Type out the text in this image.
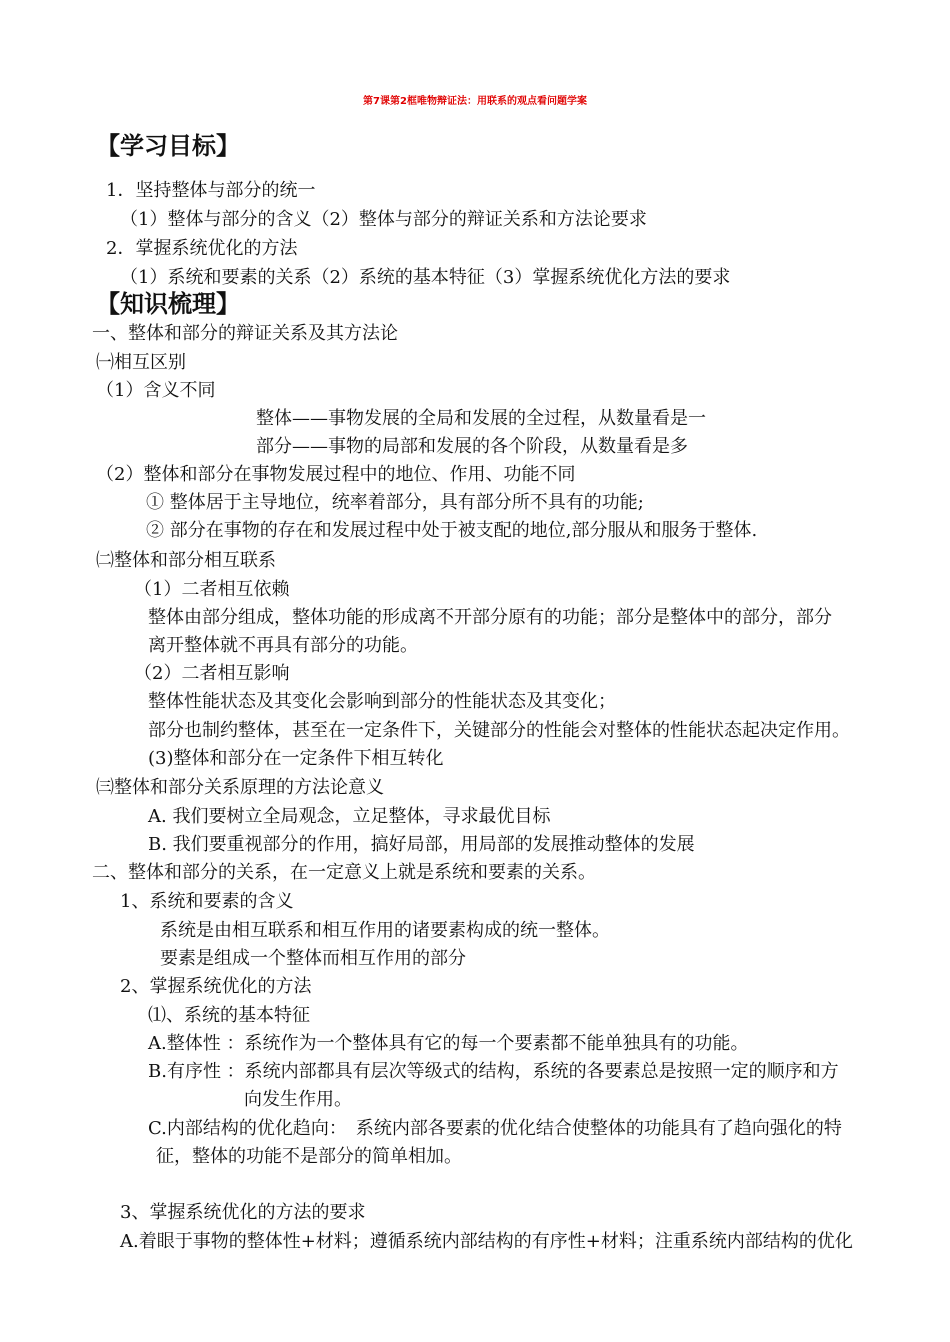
第7课第2框唯物辩证法：用联系的观点看问题学案
【学习目标】
1．坚持整体与部分的统一
（1）整体与部分的含义（2）整体与部分的辩证关系和方法论要求
2．掌握系统优化的方法
（1）系统和要素的关系（2）系统的基本特征（3）掌握系统优化方法的要求
【知识梳理】
一、整体和部分的辩证关系及其方法论
㈠相互区别
（1）含义不同
整体——事物发展的全局和发展的全过程，从数量看是一
部分——事物的局部和发展的各个阶段，从数量看是多
（2）整体和部分在事物发展过程中的地位、作用、功能不同
① 整体居于主导地位，统率着部分，具有部分所不具有的功能;
② 部分在事物的存在和发展过程中处于被支配的地位,部分服从和服务于整体.
㈡整体和部分相互联系
（1）二者相互依赖
整体由部分组成，整体功能的形成离不开部分原有的功能；部分是整体中的部分，部分
离开整体就不再具有部分的功能。
（2）二者相互影响
整体性能状态及其变化会影响到部分的性能状态及其变化；
部分也制约整体，甚至在一定条件下，关键部分的性能会对整体的性能状态起决定作用。
(3)整体和部分在一定条件下相互转化
㈢整体和部分关系原理的方法论意义
A. 我们要树立全局观念，立足整体，寻求最优目标
B. 我们要重视部分的作用，搞好局部，用局部的发展推动整体的发展
二、整体和部分的关系，在一定意义上就是系统和要素的关系。
1、系统和要素的含义
系统是由相互联系和相互作用的诸要素构成的统一整体。
要素是组成一个整体而相互作用的部分
2、掌握系统优化的方法
⑴、系统的基本特征
A.整体性 ：系统作为一个整体具有它的每一个要素都不能单独具有的功能。
B.有序性 ：系统内部都具有层次等级式的结构，系统的各要素总是按照一定的顺序和方
向发生作用。
C.内部结构的优化趋向：　系统内部各要素的优化结合使整体的功能具有了趋向强化的特
征，整体的功能不是部分的简单相加。
3、掌握系统优化的方法的要求
A.着眼于事物的整体性+材料；遵循系统内部结构的有序性+材料；注重系统内部结构的优化
